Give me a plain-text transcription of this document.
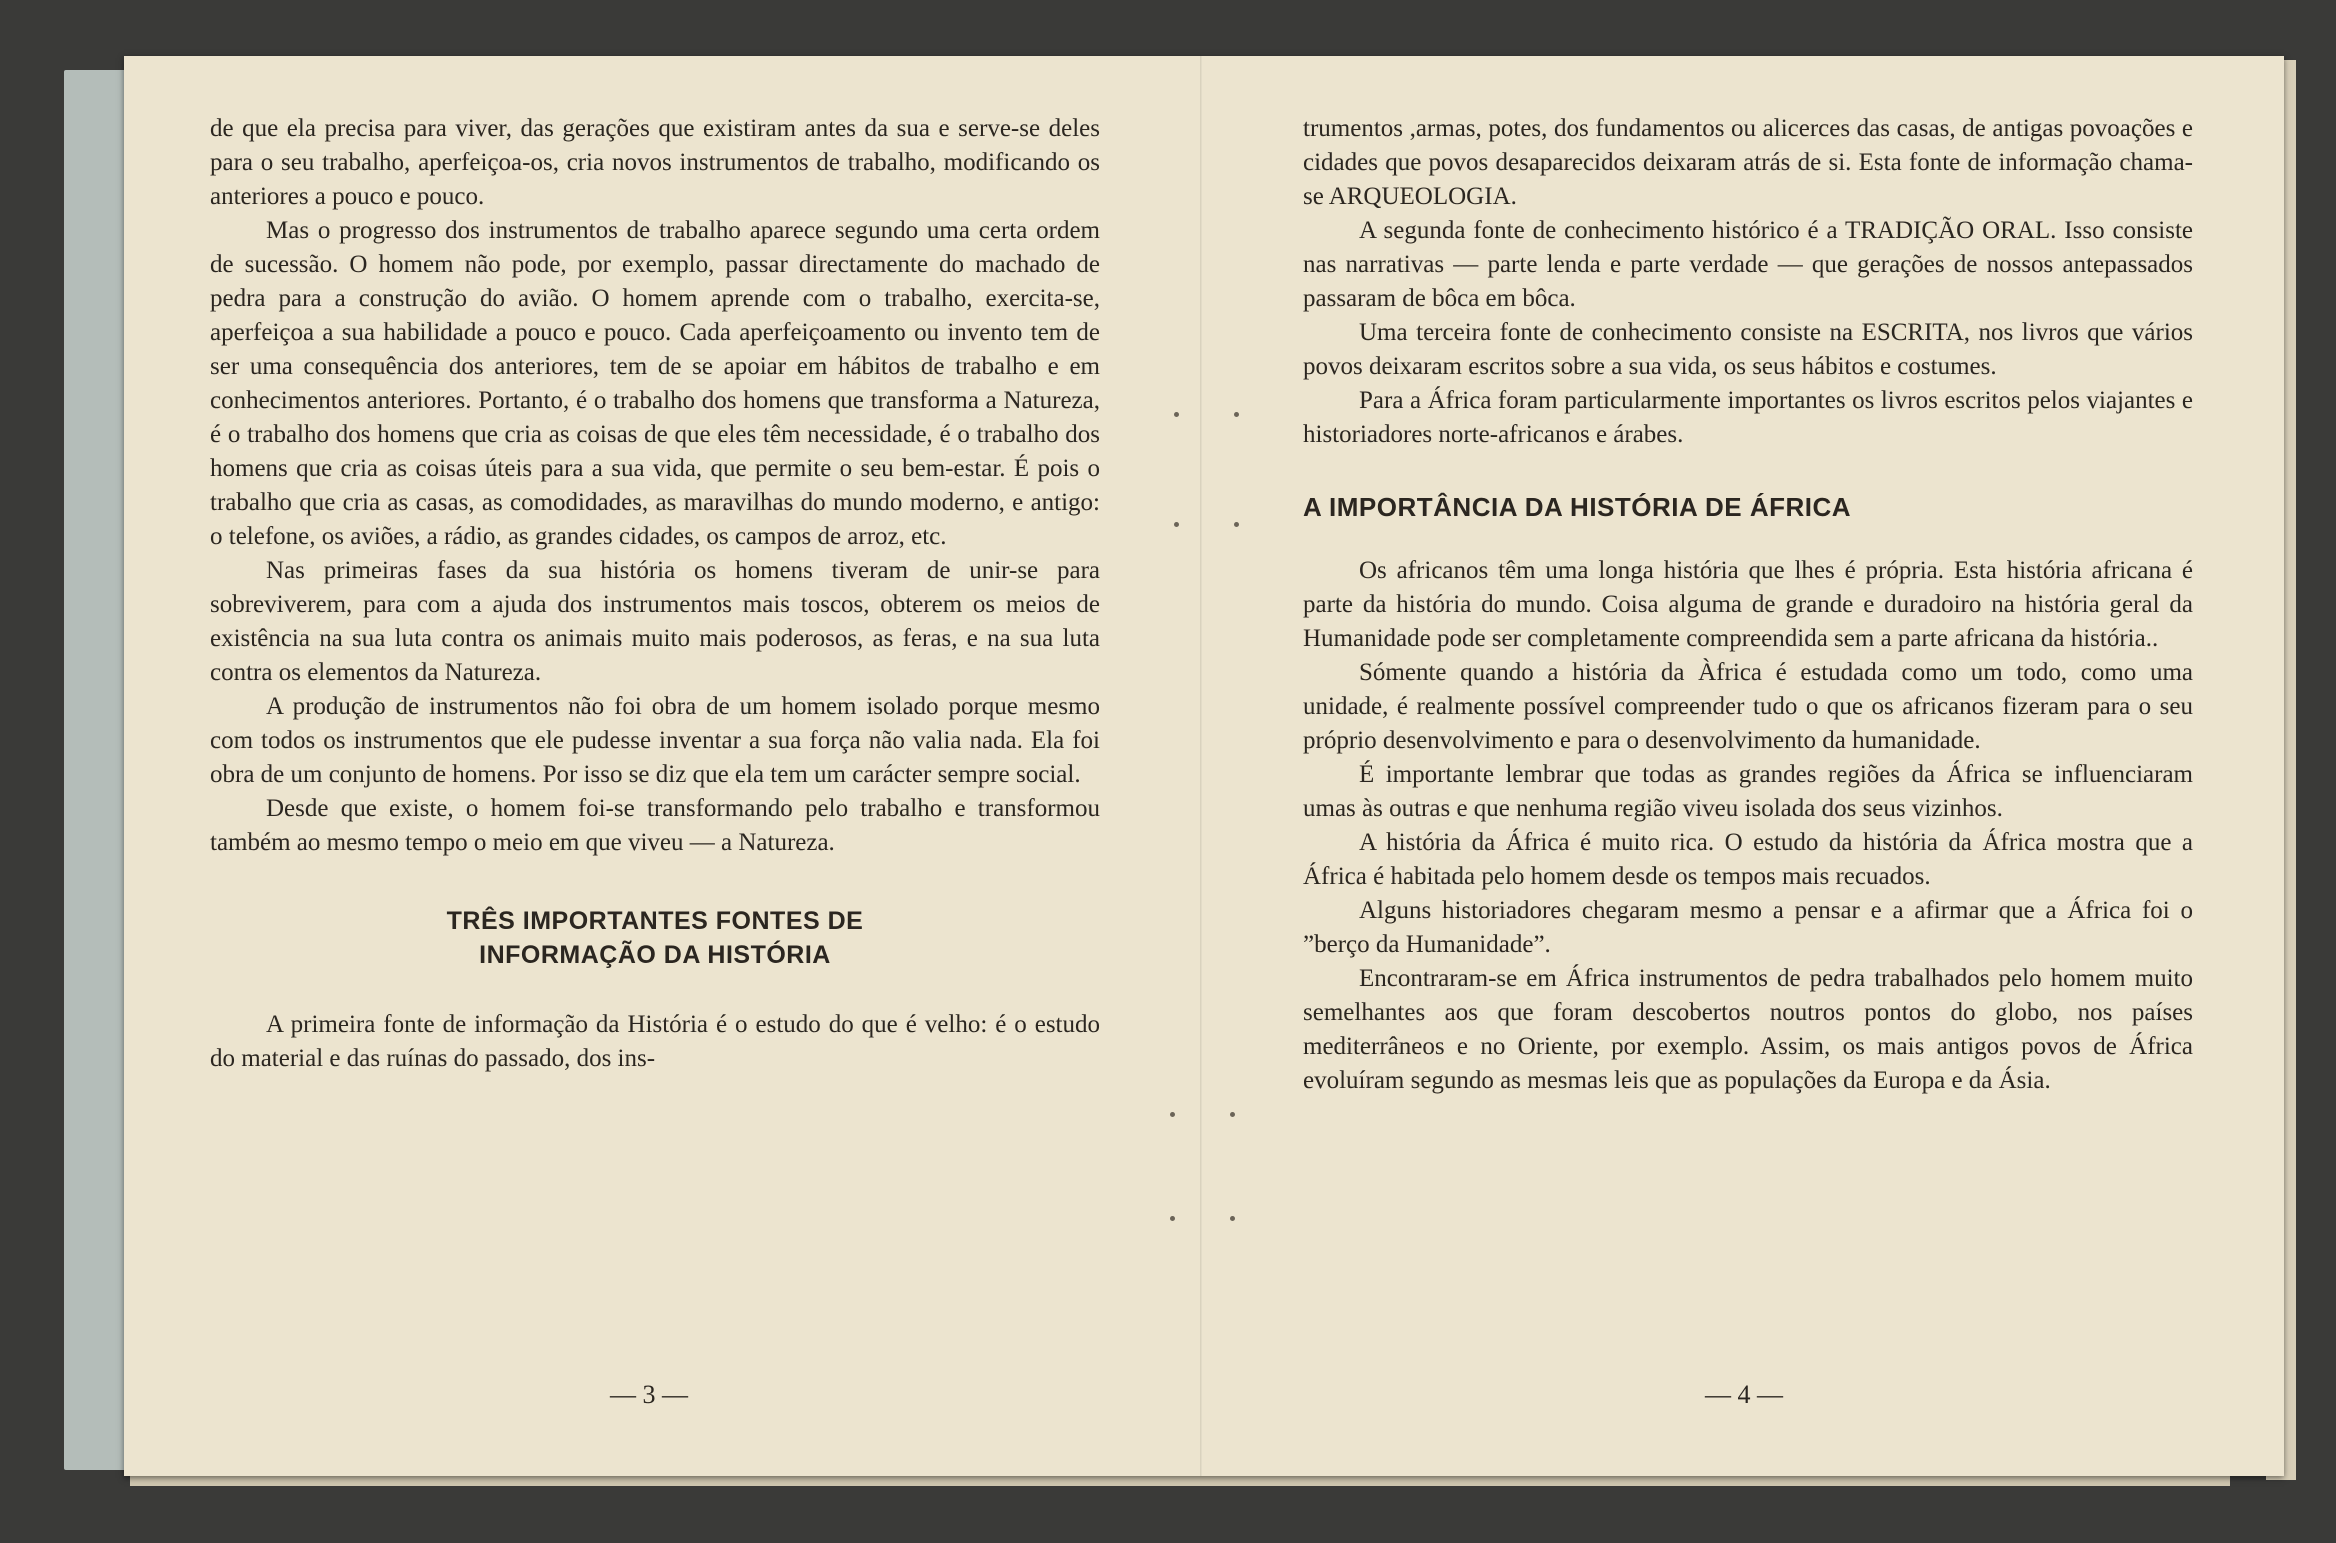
de que ela precisa para viver, das gerações que existiram antes da sua e serve-se deles para o seu trabalho, aperfeiçoa-os, cria novos instrumentos de trabalho, modificando os anteriores a pouco e pouco.

Mas o progresso dos instrumentos de trabalho aparece segundo uma certa ordem de sucessão. O homem não pode, por exemplo, passar directamente do machado de pedra para a construção do avião. O homem aprende com o trabalho, exercita-se, aperfeiçoa a sua habilidade a pouco e pouco. Cada aperfeiçoamento ou invento tem de ser uma consequência dos anteriores, tem de se apoiar em hábitos de trabalho e em conhecimentos anteriores. Portanto, é o trabalho dos homens que transforma a Natureza, é o trabalho dos homens que cria as coisas de que eles têm necessidade, é o trabalho dos homens que cria as coisas úteis para a sua vida, que permite o seu bem-estar. É pois o trabalho que cria as casas, as comodidades, as maravilhas do mundo moderno, e antigo: o telefone, os aviões, a rádio, as grandes cidades, os campos de arroz, etc.

Nas primeiras fases da sua história os homens tiveram de unir-se para sobreviverem, para com a ajuda dos instrumentos mais toscos, obterem os meios de existência na sua luta contra os animais muito mais poderosos, as feras, e na sua luta contra os elementos da Natureza.

A produção de instrumentos não foi obra de um homem isolado porque mesmo com todos os instrumentos que ele pudesse inventar a sua força não valia nada. Ela foi obra de um conjunto de homens. Por isso se diz que ela tem um carácter sempre social.

Desde que existe, o homem foi-se transformando pelo trabalho e transformou também ao mesmo tempo o meio em que viveu — a Natureza.

TRÊS IMPORTANTES FONTES DE
INFORMAÇÃO DA HISTÓRIA

A primeira fonte de informação da História é o estudo do que é velho: é o estudo do material e das ruínas do passado, dos ins-

— 3 —

trumentos ,armas, potes, dos fundamentos ou alicerces das casas, de antigas povoações e cidades que povos desaparecidos deixaram atrás de si. Esta fonte de informação chama-se ARQUEOLOGIA.

A segunda fonte de conhecimento histórico é a TRADIÇÃO ORAL. Isso consiste nas narrativas — parte lenda e parte verdade — que gerações de nossos antepassados passaram de bôca em bôca.

Uma terceira fonte de conhecimento consiste na ESCRITA, nos livros que vários povos deixaram escritos sobre a sua vida, os seus hábitos e costumes.

Para a África foram particularmente importantes os livros escritos pelos viajantes e historiadores norte-africanos e árabes.

A IMPORTÂNCIA DA HISTÓRIA DE ÁFRICA

Os africanos têm uma longa história que lhes é própria. Esta história africana é parte da história do mundo. Coisa alguma de grande e duradoiro na história geral da Humanidade pode ser completamente compreendida sem a parte africana da história..

Sómente quando a história da Àfrica é estudada como um todo, como uma unidade, é realmente possível compreender tudo o que os africanos fizeram para o seu próprio desenvolvimento e para o desenvolvimento da humanidade.

É importante lembrar que todas as grandes regiões da África se influenciaram umas às outras e que nenhuma região viveu isolada dos seus vizinhos.

A história da África é muito rica. O estudo da história da África mostra que a África é habitada pelo homem desde os tempos mais recuados.

Alguns historiadores chegaram mesmo a pensar e a afirmar que a África foi o ”berço da Humanidade”.

Encontraram-se em África instrumentos de pedra trabalhados pelo homem muito semelhantes aos que foram descobertos noutros pontos do globo, nos países mediterrâneos e no Oriente, por exemplo. Assim, os mais antigos povos de África evoluíram segundo as mesmas leis que as populações da Europa e da Ásia.

— 4 —
